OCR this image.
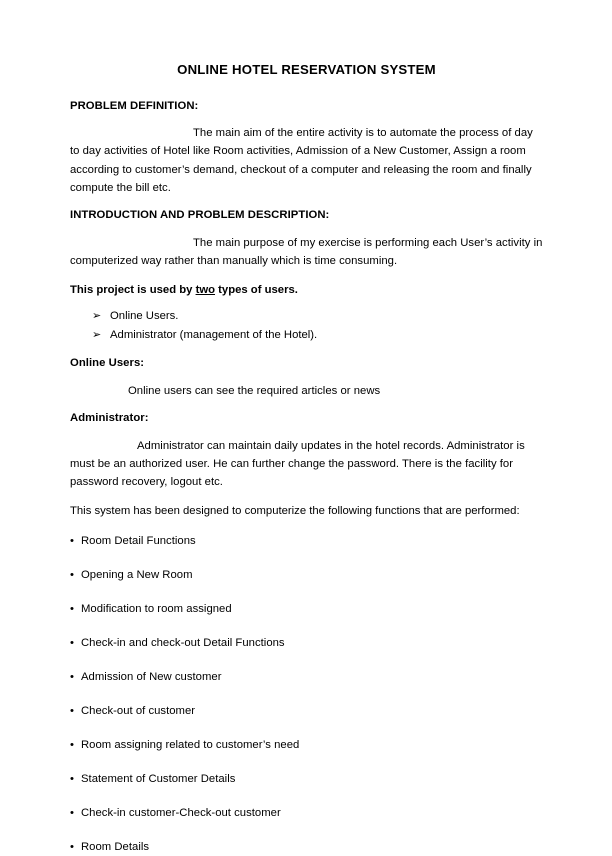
ONLINE HOTEL RESERVATION SYSTEM
PROBLEM DEFINITION:

The main aim of the entire activity is to automate the process of day to day activities of Hotel like Room activities, Admission of a New Customer, Assign a room according to customer’s demand, checkout of a computer and releasing the room and finally compute the bill etc.

INTRODUCTION AND PROBLEM DESCRIPTION:

The main purpose of my exercise is performing each User’s activity in computerized way rather than manually which is time consuming.

This project is used by two types of users.
➢ Online Users.
➢ Administrator (management of the Hotel).
Online Users:

Online users can see the required articles or news

Administrator:

Administrator can maintain daily updates in the hotel records. Administrator is must be an authorized user. He can further change the password. There is the facility for password recovery, logout etc.

This system has been designed to computerize the following functions that are performed:
• Room Detail Functions
• Opening a New Room
• Modification to room assigned
• Check-in and check-out Detail Functions
• Admission of New customer
• Check-out of customer
• Room assigning related to customer’s need
• Statement of Customer Details
• Check-in customer-Check-out customer
• Room Details
